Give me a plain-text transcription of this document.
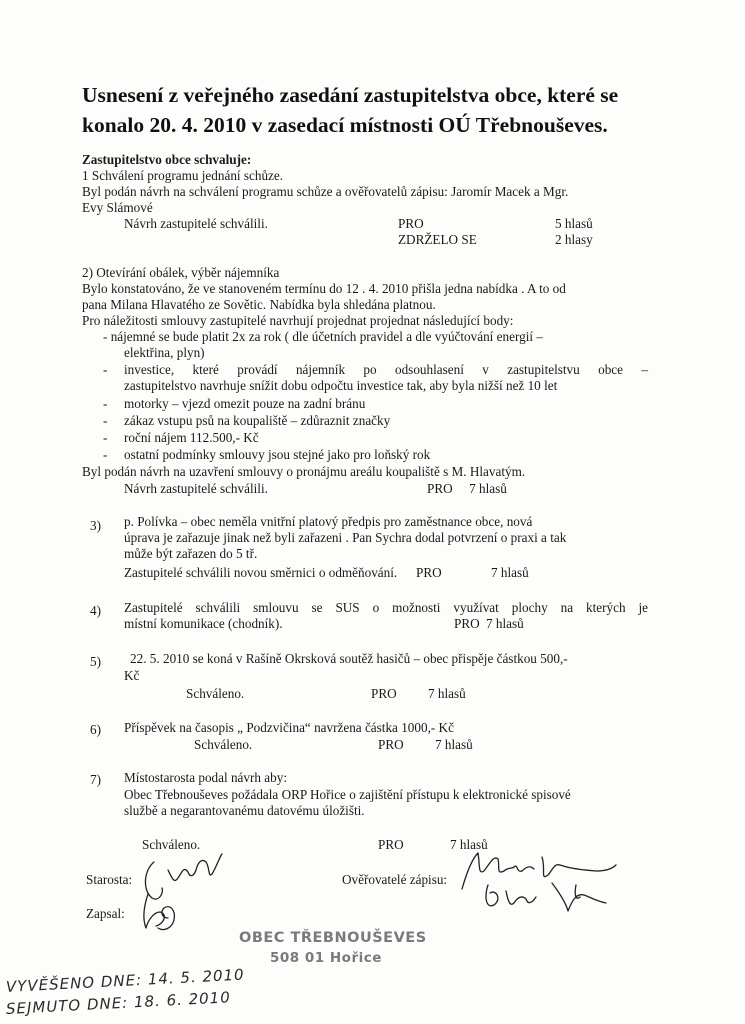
Usnesení z veřejného zasedání zastupitelstva obce, které se
konalo 20. 4. 2010 v zasedací místnosti OÚ Třebnouševes.
Zastupitelstvo obce schvaluje:
1 Schválení programu jednání schůze.
Byl podán návrh na schválení programu schůze a ověřovatelů zápisu: Jaromír Macek a Mgr.
Evy Slámové
Návrh zastupitelé schválili.	PRO	5 hlasů
ZDRŽELO SE	2 hlasy
2) Otevírání obálek, výběr nájemníka
Bylo konstatováno, že ve stanoveném termínu do 12 . 4. 2010 přišla jedna nabídka . A to od
pana Milana Hlavatého ze Sovětic. Nabídka byla shledána platnou.
Pro náležitosti smlouvy zastupitelé navrhují projednat projednat následující body:
- nájemné se bude platit 2x za rok ( dle účetních pravidel a dle vyúčtování energií –
elektřina, plyn)
- investice, které provádí nájemník po odsouhlasení v zastupitelstvu obce –
zastupitelstvo navrhuje snížit dobu odpočtu investice tak, aby byla nižší než 10 let
- motorky – vjezd omezit pouze na zadní bránu
- zákaz vstupu psů na koupaliště – zdůraznit značky
- roční nájem 112.500,- Kč
- ostatní podmínky smlouvy jsou stejné jako pro loňský rok
Byl podán návrh na uzavření smlouvy o pronájmu areálu koupaliště s M. Hlavatým.
Návrh zastupitelé schválili.	PRO     7 hlasů
3) p. Polívka – obec neměla vnitřní platový předpis pro zaměstnance obce, nová
úprava je zařazuje jinak než byli zařazeni . Pan Sychra dodal potvrzení o praxi a tak
může být zařazen do 5 tř.
Zastupitelé schválili novou směrnici o odměňování. PRO	7 hlasů
4) Zastupitelé schválili smlouvu se SUS o možnosti využívat plochy na kterých je
místní komunikace (chodník).	PRO 7 hlasů
5) 22. 5. 2010 se koná v Rašíně Okrsková soutěž hasičů – obec přispěje částkou 500,-
Kč
Schváleno.	PRO 7 hlasů
6) Příspěvek na časopis „ Podzvičina“ navržena částka 1000,- Kč
Schváleno.	PRO 7 hlasů
7) Místostarosta podal návrh aby:
Obec Třebnouševes požádala ORP Hořice o zajištění přístupu k elektronické spisové
službě a negarantovanému datovému úložišti.
Schváleno.	PRO	7 hlasů
Starosta:	Ověřovatelé zápisu:
Zapsal:
OBEC TŘEBNOUŠEVES
508 01 Hořice
VYVĚŠENO DNE: 14. 5. 2010
SEJMUTO DNE: 18. 6. 2010
